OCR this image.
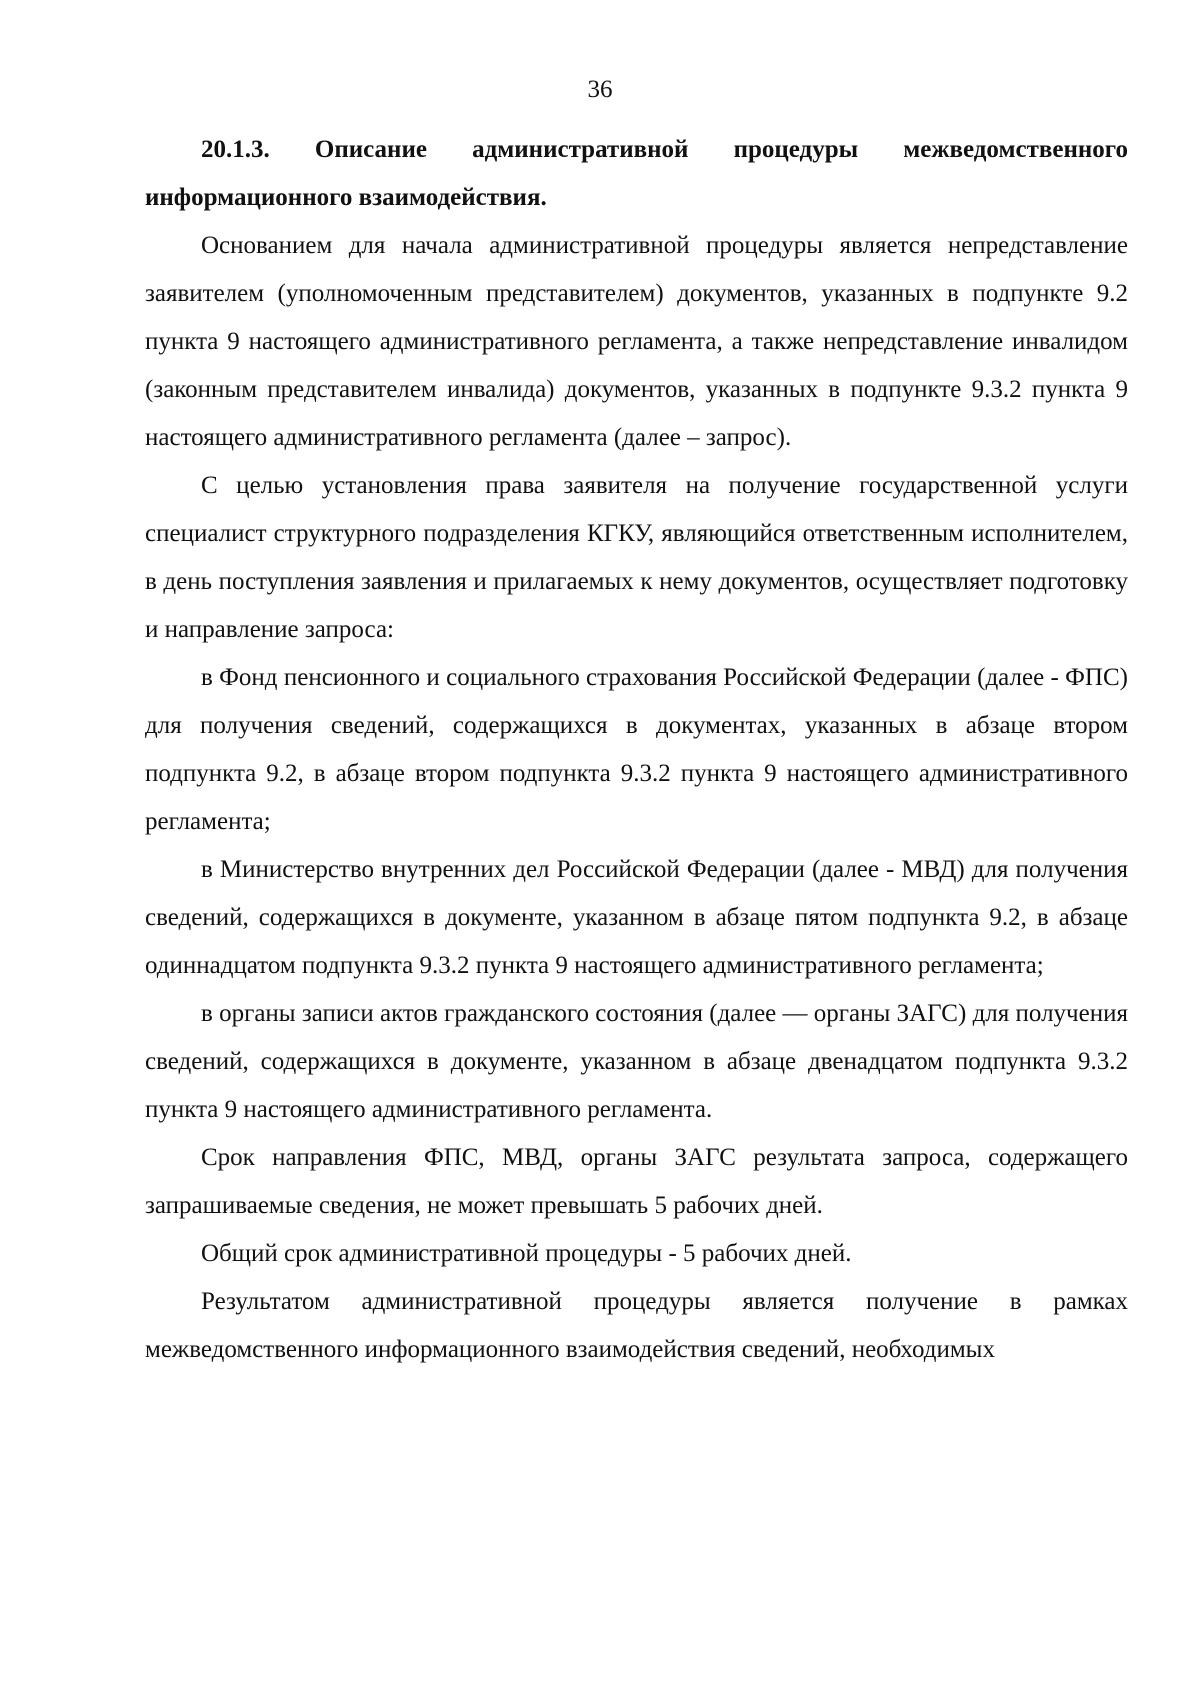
36

20.1.3. Описание административной процедуры межведомственного информационного взаимодействия.

Основанием для начала административной процедуры является непредставление заявителем (уполномоченным представителем) документов, указанных в подпункте 9.2 пункта 9 настоящего административного регламента, а также непредставление инвалидом (законным представителем инвалида) документов, указанных в подпункте 9.3.2 пункта 9 настоящего административного регламента (далее – запрос).

С целью установления права заявителя на получение государственной услуги специалист структурного подразделения КГКУ, являющийся ответственным исполнителем, в день поступления заявления и прилагаемых к нему документов, осуществляет подготовку и направление запроса:

в Фонд пенсионного и социального страхования Российской Федерации (далее - ФПС) для получения сведений, содержащихся в документах, указанных в абзаце втором подпункта 9.2, в абзаце втором подпункта 9.3.2 пункта 9 настоящего административного регламента;

в Министерство внутренних дел Российской Федерации (далее - МВД) для получения сведений, содержащихся в документе, указанном в абзаце пятом подпункта 9.2, в абзаце одиннадцатом подпункта 9.3.2 пункта 9 настоящего административного регламента;

в органы записи актов гражданского состояния (далее — органы ЗАГС) для получения сведений, содержащихся в документе, указанном в абзаце двенадцатом подпункта 9.3.2 пункта 9 настоящего административного регламента.

Срок направления ФПС, МВД, органы ЗАГС результата запроса, содержащего запрашиваемые сведения, не может превышать 5 рабочих дней.

Общий срок административной процедуры - 5 рабочих дней.

Результатом административной процедуры является получение в рамках межведомственного информационного взаимодействия сведений, необходимых
